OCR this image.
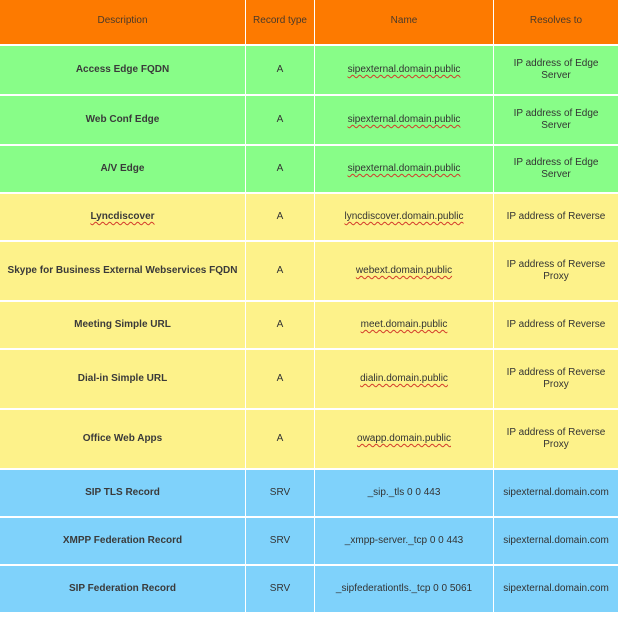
Description	Record type	Name	Resolves to
Access Edge FQDN	A	sipexternal.domain.public	IP address of Edge Server
Web Conf Edge	A	sipexternal.domain.public	IP address of Edge Server
A/V Edge	A	sipexternal.domain.public	IP address of Edge Server
Lyncdiscover	A	lyncdiscover.domain.public	IP address of Reverse
Skype for Business External Webservices FQDN	A	webext.domain.public	IP address of Reverse Proxy
Meeting Simple URL	A	meet.domain.public	IP address of Reverse
Dial-in Simple URL	A	dialin.domain.public	IP address of Reverse Proxy
Office Web Apps	A	owapp.domain.public	IP address of Reverse Proxy
SIP TLS Record	SRV	_sip._tls 0 0 443	sipexternal.domain.com
XMPP Federation Record	SRV	_xmpp-server._tcp 0 0 443	sipexternal.domain.com
SIP Federation Record	SRV	_sipfederationtls._tcp 0 0 5061	sipexternal.domain.com
